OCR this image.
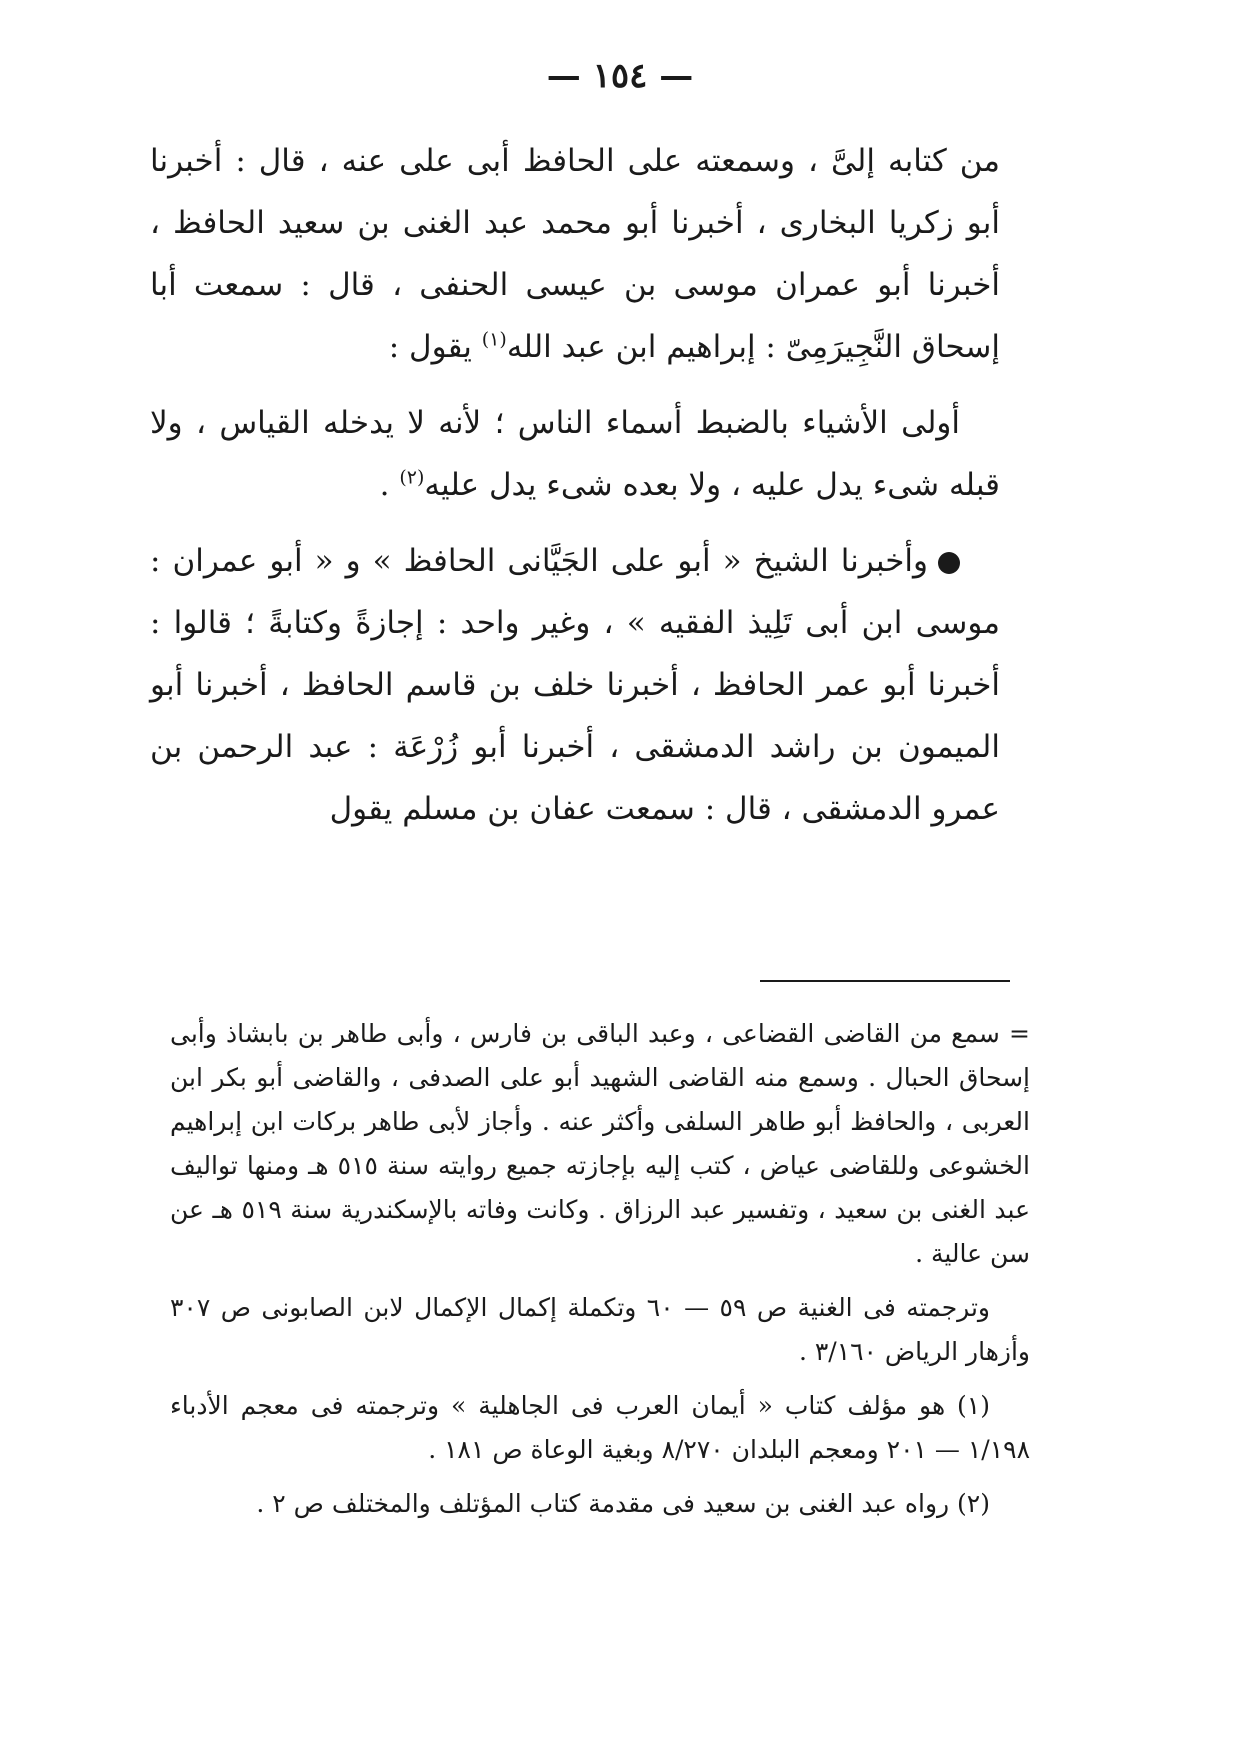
— ١٥٤ —

من كتابه إلىَّ ، وسمعته على الحافظ أبى على عنه ، قال : أخبرنا أبو زكريا البخارى ، أخبرنا أبو محمد عبد الغنى بن سعيد الحافظ ، أخبرنا أبو عمران موسى بن عيسى الحنفى ، قال : سمعت أبا إسحاق النَّجِيرَمِىّ : إبراهيم ابن عبد الله$^{(١)}$ يقول :

أولى الأشياء بالضبط أسماء الناس ؛ لأنه لا يدخله القياس ، ولا قبله شىء يدل عليه ، ولا بعده شىء يدل عليه$^{(٢)}$ .

وأخبرنا الشيخ « أبو على الجَيَّانى الحافظ » و « أبو عمران : موسى ابن أبى تَلِيذ الفقيه » ، وغير واحد : إجازةً وكتابةً ؛ قالوا : أخبرنا أبو عمر الحافظ ، أخبرنا خلف بن قاسم الحافظ ، أخبرنا أبو الميمون بن راشد الدمشقى ، أخبرنا أبو زُرْعَة : عبد الرحمن بن عمرو الدمشقى ، قال : سمعت عفان بن مسلم يقول

= سمع من القاضى القضاعى ، وعبد الباقى بن فارس ، وأبى طاهر بن بابشاذ وأبى إسحاق الحبال . وسمع منه القاضى الشهيد أبو على الصدفى ، والقاضى أبو بكر ابن العربى ، والحافظ أبو طاهر السلفى وأكثر عنه . وأجاز لأبى طاهر بركات ابن إبراهيم الخشوعى وللقاضى عياض ، كتب إليه بإجازته جميع روايته سنة ٥١٥ هـ ومنها تواليف عبد الغنى بن سعيد ، وتفسير عبد الرزاق . وكانت وفاته بالإسكندرية سنة ٥١٩ هـ عن سن عالية .

وترجمته فى الغنية ص ٥٩ — ٦٠ وتكملة إكمال الإكمال لابن الصابونى ص ٣٠٧ وأزهار الرياض ٣/١٦٠ .

(١) هو مؤلف كتاب « أيمان العرب فى الجاهلية » وترجمته فى معجم الأدباء ١/١٩٨ — ٢٠١ ومعجم البلدان ٨/٢٧٠ وبغية الوعاة ص ١٨١ .

(٢) رواه عبد الغنى بن سعيد فى مقدمة كتاب المؤتلف والمختلف ص ٢ .
